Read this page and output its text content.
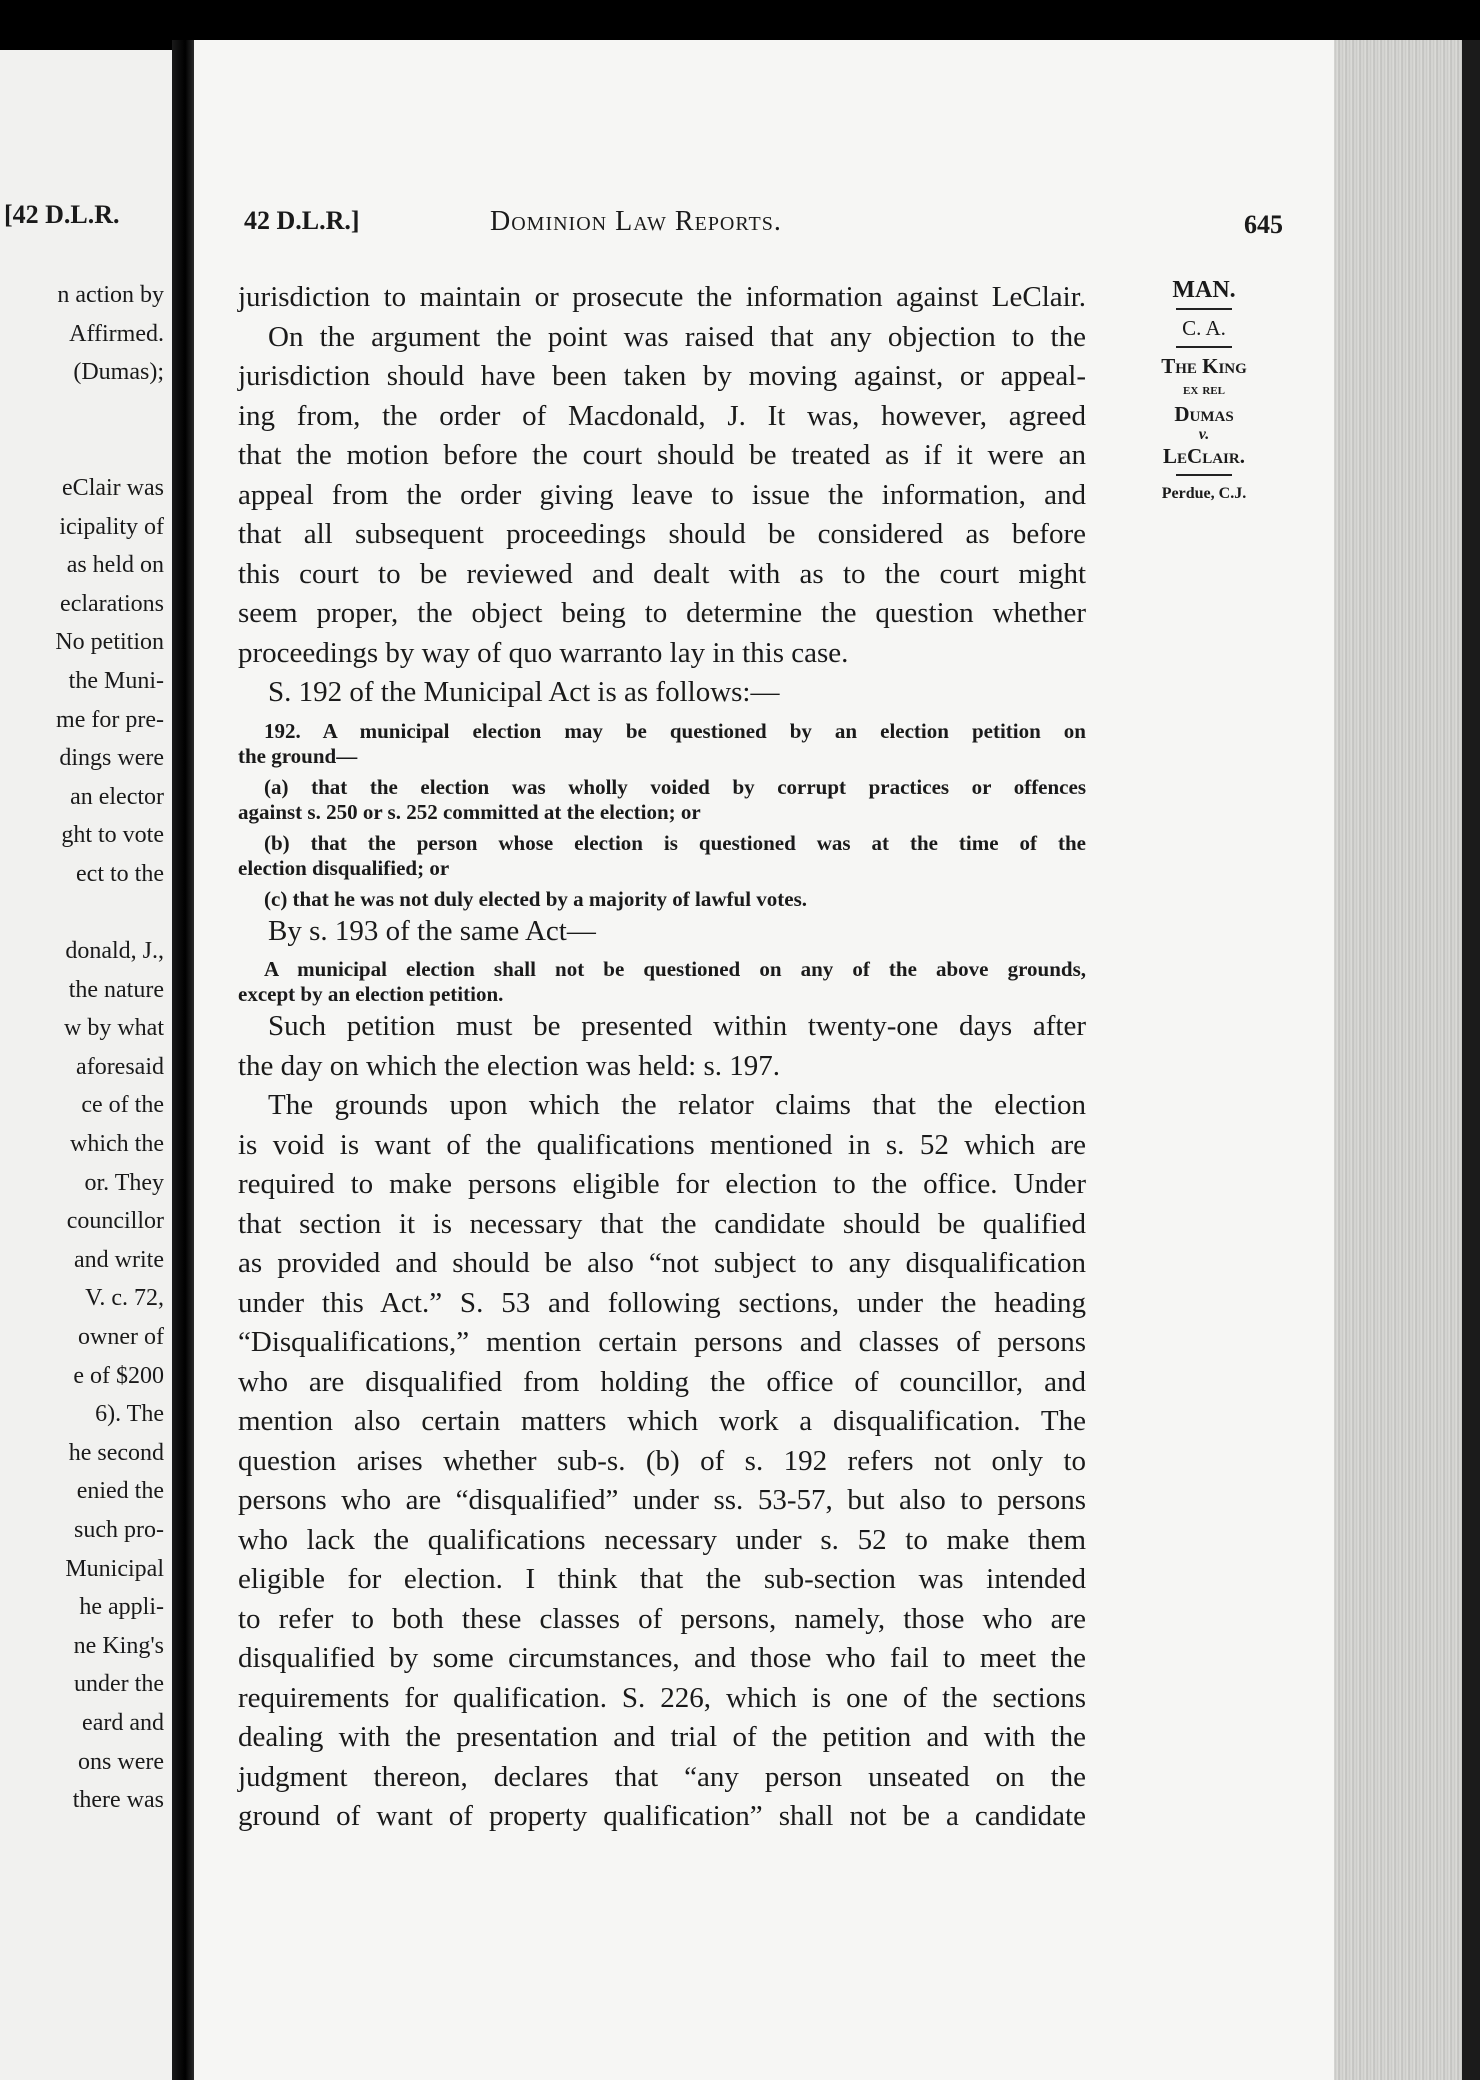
[42 D.L.R.
n action by
Affirmed.
(Dumas);
eClair was
icipality of
as held on
eclarations
No petition
the Muni-
me for pre-
dings were
an elector
ght to vote
ect to the
donald, J.,
the nature
w by what
aforesaid
ce of the
which the
or. They
councillor
and write
V. c. 72,
owner of
e of $200
6). The
he second
enied the
such pro-
Municipal
he appli-
ne King's
under the
eard and
ons were
there was
42 D.L.R.]	Dominion Law Reports.	645
MAN.
C. A.
The King
ex rel
Dumas
v.
LeClair.
Perdue, C.J.
jurisdiction to maintain or prosecute the information against LeClair.
On the argument the point was raised that any objection to the
jurisdiction should have been taken by moving against, or appeal-
ing from, the order of Macdonald, J. It was, however, agreed
that the motion before the court should be treated as if it were an
appeal from the order giving leave to issue the information, and
that all subsequent proceedings should be considered as before
this court to be reviewed and dealt with as to the court might
seem proper, the object being to determine the question whether
proceedings by way of quo warranto lay in this case.
S. 192 of the Municipal Act is as follows:—
192. A municipal election may be questioned by an election petition on
the ground—
(a) that the election was wholly voided by corrupt practices or offences
against s. 250 or s. 252 committed at the election; or
(b) that the person whose election is questioned was at the time of the
election disqualified; or
(c) that he was not duly elected by a majority of lawful votes.
By s. 193 of the same Act—
A municipal election shall not be questioned on any of the above grounds,
except by an election petition.
Such petition must be presented within twenty-one days after
the day on which the election was held: s. 197.
The grounds upon which the relator claims that the election
is void is want of the qualifications mentioned in s. 52 which are
required to make persons eligible for election to the office. Under
that section it is necessary that the candidate should be qualified
as provided and should be also “not subject to any disqualification
under this Act.” S. 53 and following sections, under the heading
“Disqualifications,” mention certain persons and classes of persons
who are disqualified from holding the office of councillor, and
mention also certain matters which work a disqualification. The
question arises whether sub-s. (b) of s. 192 refers not only to
persons who are “disqualified” under ss. 53-57, but also to persons
who lack the qualifications necessary under s. 52 to make them
eligible for election. I think that the sub-section was intended
to refer to both these classes of persons, namely, those who are
disqualified by some circumstances, and those who fail to meet the
requirements for qualification. S. 226, which is one of the sections
dealing with the presentation and trial of the petition and with the
judgment thereon, declares that “any person unseated on the
ground of want of property qualification” shall not be a candidate
